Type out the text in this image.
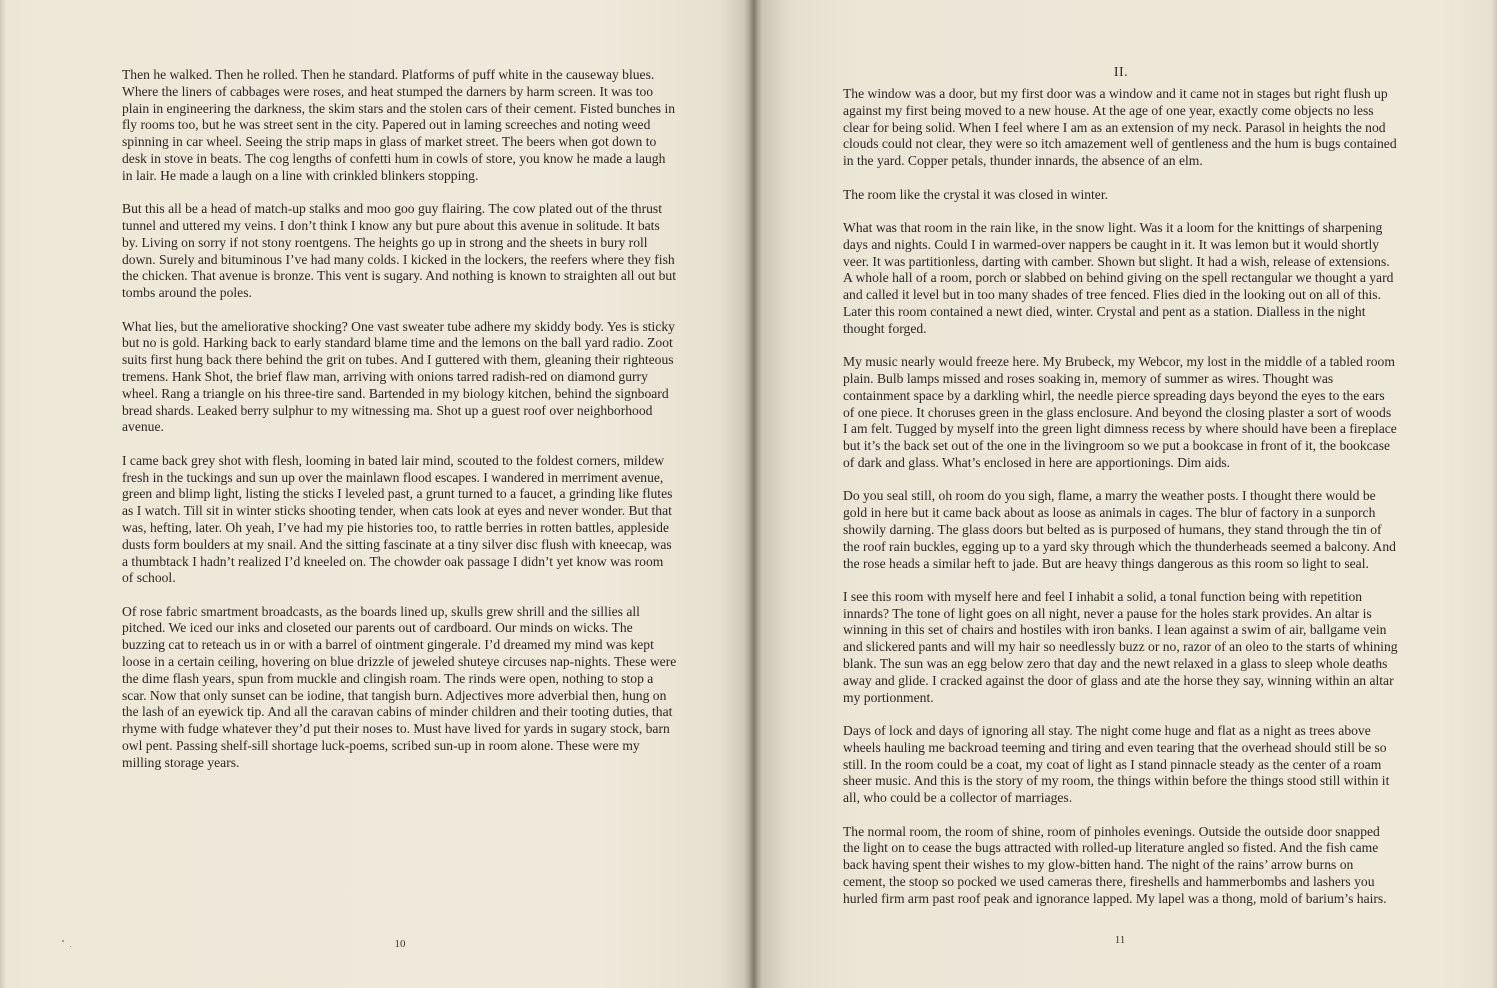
Then he walked. Then he rolled. Then he standard. Platforms of puff white in the causeway blues. Where the liners of cabbages were roses, and heat stumped the darners by harm screen. It was too plain in engineering the darkness, the skim stars and the stolen cars of their cement. Fisted bunches in fly rooms too, but he was street sent in the city. Papered out in laming screeches and noting weed spinning in car wheel. Seeing the strip maps in glass of market street. The beers when got down to desk in stove in beats. The cog lengths of confetti hum in cowls of store, you know he made a laugh in lair. He made a laugh on a line with crinkled blinkers stopping.

But this all be a head of match-up stalks and moo goo guy flairing. The cow plated out of the thrust tunnel and uttered my veins. I don’t think I know any but pure about this avenue in solitude. It bats by. Living on sorry if not stony roentgens. The heights go up in strong and the sheets in bury roll down. Surely and bituminous I’ve had many colds. I kicked in the lockers, the reefers where they fish the chicken. That avenue is bronze. This vent is sugary. And nothing is known to straighten all out but tombs around the poles.

What lies, but the ameliorative shocking? One vast sweater tube adhere my skiddy body. Yes is sticky but no is gold. Harking back to early standard blame time and the lemons on the ball yard radio. Zoot suits first hung back there behind the grit on tubes. And I guttered with them, gleaning their righteous tremens. Hank Shot, the brief flaw man, arriving with onions tarred radish-red on diamond gurry wheel. Rang a triangle on his three-tire sand. Bartended in my biology kitchen, behind the signboard bread shards. Leaked berry sulphur to my witnessing ma. Shot up a guest roof over neighborhood avenue.

I came back grey shot with flesh, looming in bated lair mind, scouted to the foldest corners, mildew fresh in the tuckings and sun up over the mainlawn flood escapes. I wandered in merriment avenue, green and blimp light, listing the sticks I leveled past, a grunt turned to a faucet, a grinding like flutes as I watch. Till sit in winter sticks shooting tender, when cats look at eyes and never wonder. But that was, hefting, later. Oh yeah, I’ve had my pie histories too, to rattle berries in rotten battles, appleside dusts form boulders at my snail. And the sitting fascinate at a tiny silver disc flush with kneecap, was a thumbtack I hadn’t realized I’d kneeled on. The chowder oak passage I didn’t yet know was room of school.

Of rose fabric smartment broadcasts, as the boards lined up, skulls grew shrill and the sillies all pitched. We iced our inks and closeted our parents out of cardboard. Our minds on wicks. The buzzing cat to reteach us in or with a barrel of ointment gingerale. I’d dreamed my mind was kept loose in a certain ceiling, hovering on blue drizzle of jeweled shuteye circuses nap-nights. These were the dime flash years, spun from muckle and clingish roam. The rinds were open, nothing to stop a scar. Now that only sunset can be iodine, that tangish burn. Adjectives more adverbial then, hung on the lash of an eyewick tip. And all the caravan cabins of minder children and their tooting duties, that rhyme with fudge whatever they’d put their noses to. Must have lived for yards in sugary stock, barn owl pent. Passing shelf-sill shortage luck-poems, scribed sun-up in room alone. These were my milling storage years.

II.

The window was a door, but my first door was a window and it came not in stages but right flush up against my first being moved to a new house. At the age of one year, exactly come objects no less clear for being solid. When I feel where I am as an extension of my neck. Parasol in heights the nod clouds could not clear, they were so itch amazement well of gentleness and the hum is bugs contained in the yard. Copper petals, thunder innards, the absence of an elm.

The room like the crystal it was closed in winter.

What was that room in the rain like, in the snow light. Was it a loom for the knittings of sharpening days and nights. Could I in warmed-over nappers be caught in it. It was lemon but it would shortly veer. It was partitionless, darting with camber. Shown but slight. It had a wish, release of extensions. A whole hall of a room, porch or slabbed on behind giving on the spell rectangular we thought a yard and called it level but in too many shades of tree fenced. Flies died in the looking out on all of this. Later this room contained a newt died, winter. Crystal and pent as a station. Dialless in the night thought forged.

My music nearly would freeze here. My Brubeck, my Webcor, my lost in the middle of a tabled room plain. Bulb lamps missed and roses soaking in, memory of summer as wires. Thought was containment space by a darkling whirl, the needle pierce spreading days beyond the eyes to the ears of one piece. It choruses green in the glass enclosure. And beyond the closing plaster a sort of woods I am felt. Tugged by myself into the green light dimness recess by where should have been a fireplace but it’s the back set out of the one in the livingroom so we put a bookcase in front of it, the bookcase of dark and glass. What’s enclosed in here are apportionings. Dim aids.

Do you seal still, oh room do you sigh, flame, a marry the weather posts. I thought there would be gold in here but it came back about as loose as animals in cages. The blur of factory in a sunporch showily darning. The glass doors but belted as is purposed of humans, they stand through the tin of the roof rain buckles, egging up to a yard sky through which the thunderheads seemed a balcony. And the rose heads a similar heft to jade. But are heavy things dangerous as this room so light to seal.

I see this room with myself here and feel I inhabit a solid, a tonal function being with repetition innards? The tone of light goes on all night, never a pause for the holes stark provides. An altar is winning in this set of chairs and hostiles with iron banks. I lean against a swim of air, ballgame vein and slickered pants and will my hair so needlessly buzz or no, razor of an oleo to the starts of whining blank. The sun was an egg below zero that day and the newt relaxed in a glass to sleep whole deaths away and glide. I cracked against the door of glass and ate the horse they say, winning within an altar my portionment.

Days of lock and days of ignoring all stay. The night come huge and flat as a night as trees above wheels hauling me backroad teeming and tiring and even tearing that the overhead should still be so still. In the room could be a coat, my coat of light as I stand pinnacle steady as the center of a roam sheer music. And this is the story of my room, the things within before the things stood still within it all, who could be a collector of marriages.

The normal room, the room of shine, room of pinholes evenings. Outside the outside door snapped the light on to cease the bugs attracted with rolled-up literature angled so fisted. And the fish came back having spent their wishes to my glow-bitten hand. The night of the rains’ arrow burns on cement, the stoop so pocked we used cameras there, fireshells and hammerbombs and lashers you hurled firm arm past roof peak and ignorance lapped. My lapel was a thong, mold of barium’s hairs.

10	11
